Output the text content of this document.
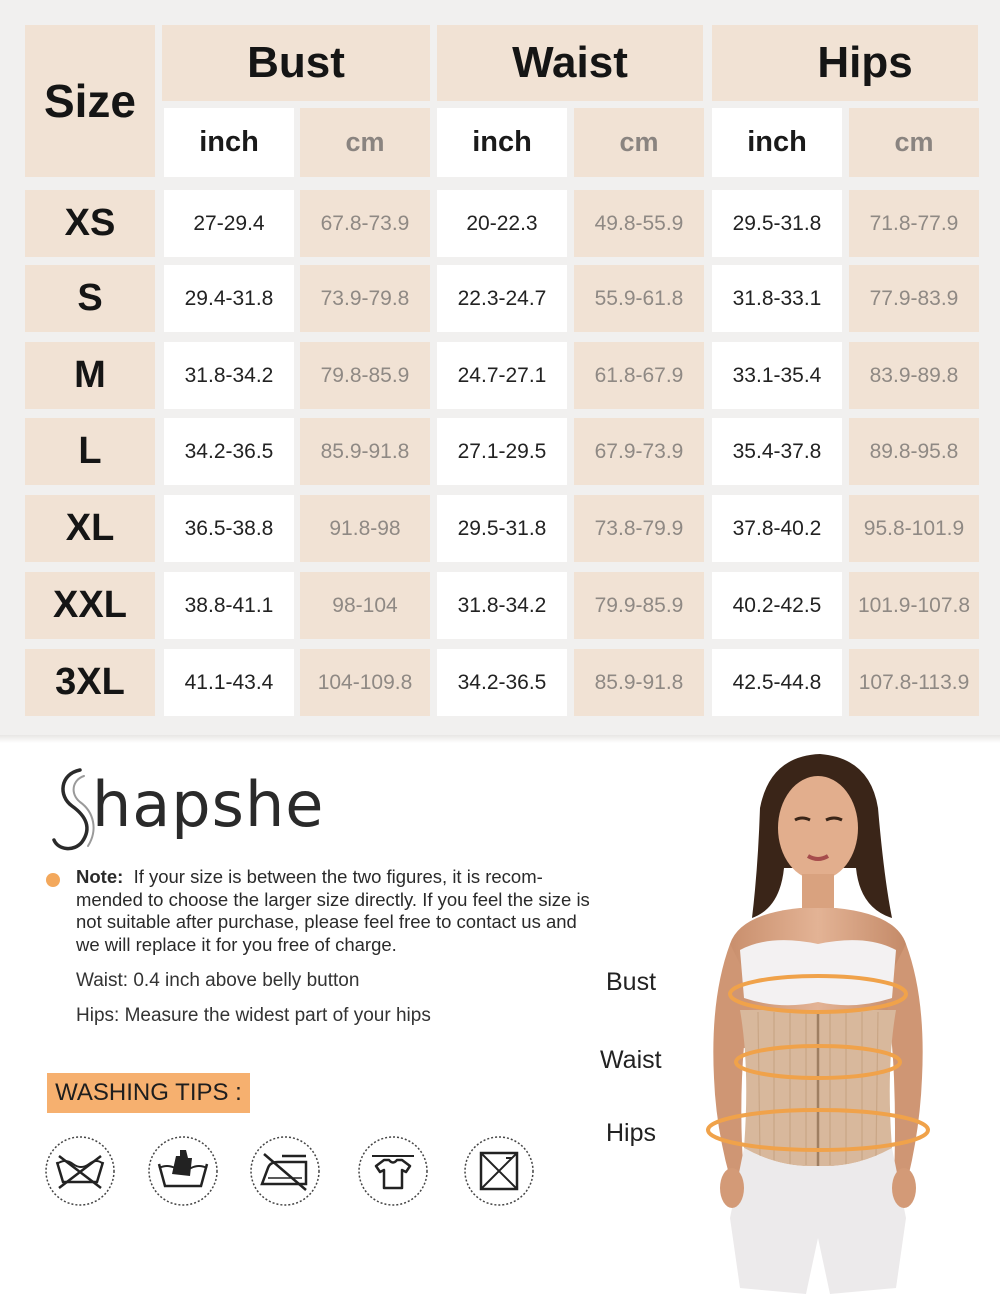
Size
Bust	Waist	Hips
inch	cm	inch	cm	inch	cm
XS	27-29.4	67.8-73.9	20-22.3	49.8-55.9	29.5-31.8	71.8-77.9
S	29.4-31.8	73.9-79.8	22.3-24.7	55.9-61.8	31.8-33.1	77.9-83.9
M	31.8-34.2	79.8-85.9	24.7-27.1	61.8-67.9	33.1-35.4	83.9-89.8
L	34.2-36.5	85.9-91.8	27.1-29.5	67.9-73.9	35.4-37.8	89.8-95.8
XL	36.5-38.8	91.8-98	29.5-31.8	73.8-79.9	37.8-40.2	95.8-101.9
XXL	38.8-41.1	98-104	31.8-34.2	79.9-85.9	40.2-42.5	101.9-107.8
3XL	41.1-43.4	104-109.8	34.2-36.5	85.9-91.8	42.5-44.8	107.8-113.9
hapshe
Note: If your size is between the two figures, it is recom-mended to choose the larger size directly. If you feel the size is not suitable after purchase, please feel free to contact us and we will replace it for you free of charge.
Waist: 0.4 inch above belly button
Hips: Measure the widest part of your hips
WASHING TIPS :
Bust
Waist
Hips
